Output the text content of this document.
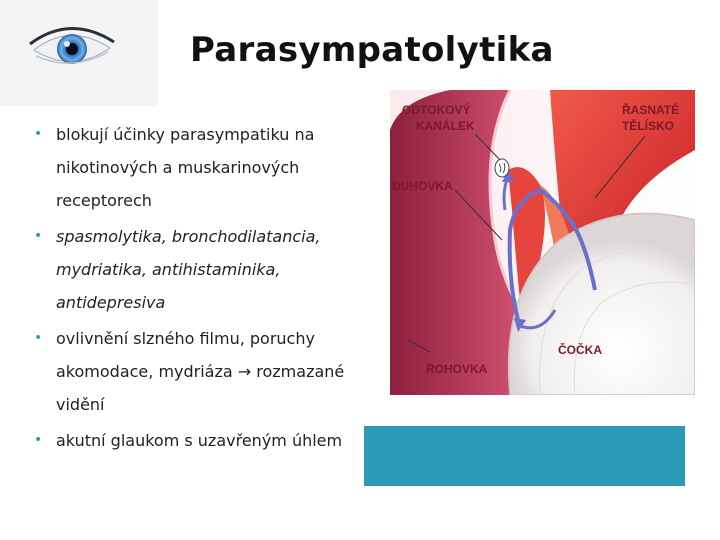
Parasympatolytika
• blokují účinky parasympatiku na nikotinových a muskarinových receptorech
• spasmolytika, bronchodilatancia, mydriatika, antihistaminika, antidepresiva
• ovlivnění slzného filmu, poruchy akomodace, mydriáza → rozmazané vidění
• akutní glaukom s uzavřeným úhlem
ODTOKOVÝ
KANÁLEK
ŘASNATÉ
TĚLÍSKO
DUHOVKA
ČOČKA
ROHOVKA
